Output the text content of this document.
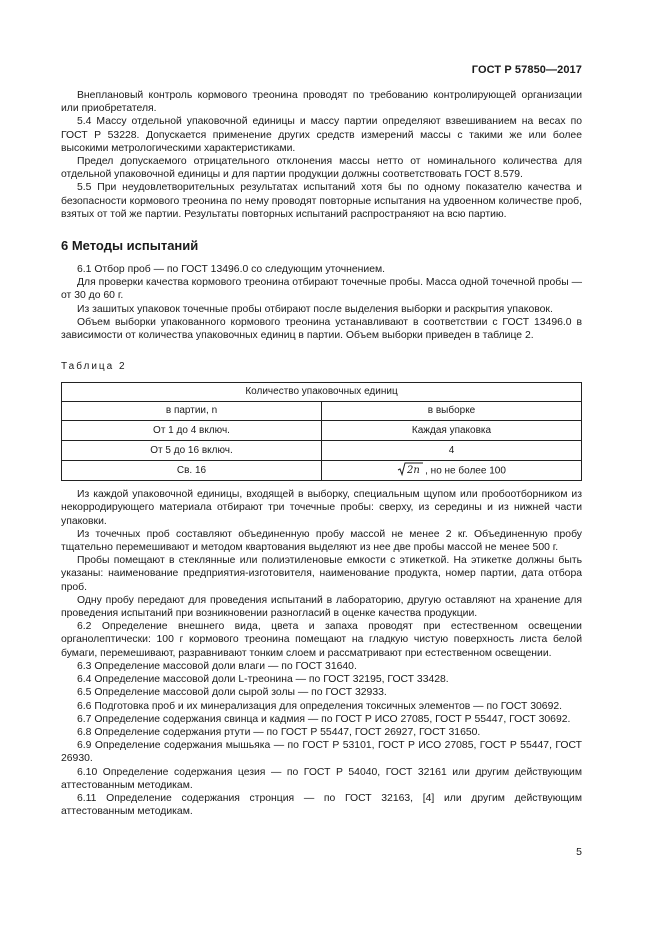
ГОСТ Р 57850—2017

Внеплановый контроль кормового треонина проводят по требованию контролирующей организации или приобретателя.

5.4 Массу отдельной упаковочной единицы и массу партии определяют взвешиванием на весах по ГОСТ Р 53228. Допускается применение других средств измерений массы с такими же или более высокими метрологическими характеристиками.

Предел допускаемого отрицательного отклонения массы нетто от номинального количества для отдельной упаковочной единицы и для партии продукции должны соответствовать ГОСТ 8.579.

5.5 При неудовлетворительных результатах испытаний хотя бы по одному показателю качества и безопасности кормового треонина по нему проводят повторные испытания на удвоенном количестве проб, взятых от той же партии. Результаты повторных испытаний распространяют на всю партию.

6 Методы испытаний

6.1 Отбор проб — по ГОСТ 13496.0 со следующим уточнением.

Для проверки качества кормового треонина отбирают точечные пробы. Масса одной точечной пробы — от 30 до 60 г.

Из зашитых упаковок точечные пробы отбирают после выделения выборки и раскрытия упаковок.

Объем выборки упакованного кормового треонина устанавливают в соответствии с ГОСТ 13496.0 в зависимости от количества упаковочных единиц в партии. Объем выборки приведен в таблице 2.

Таблица 2
Количество упаковочных единиц	
в партии, n	в выборке
От 1 до 4 включ.	Каждая упаковка
От 5 до 16 включ.	4
Св. 16	2n , но не более 100

Из каждой упаковочной единицы, входящей в выборку, специальным щупом или пробоотборником из некорродирующего материала отбирают три точечные пробы: сверху, из середины и из нижней части упаковки.

Из точечных проб составляют объединенную пробу массой не менее 2 кг. Объединенную пробу тщательно перемешивают и методом квартования выделяют из нее две пробы массой не менее 500 г.

Пробы помещают в стеклянные или полиэтиленовые емкости с этикеткой. На этикетке должны быть указаны: наименование предприятия-изготовителя, наименование продукта, номер партии, дата отбора проб.

Одну пробу передают для проведения испытаний в лабораторию, другую оставляют на хранение для проведения испытаний при возникновении разногласий в оценке качества продукции.

6.2 Определение внешнего вида, цвета и запаха проводят при естественном освещении органолептически: 100 г кормового треонина помещают на гладкую чистую поверхность листа белой бумаги, перемешивают, разравнивают тонким слоем и рассматривают при естественном освещении.

6.3 Определение массовой доли влаги — по ГОСТ 31640.

6.4 Определение массовой доли L-треонина — по ГОСТ 32195, ГОСТ 33428.

6.5 Определение массовой доли сырой золы — по ГОСТ 32933.

6.6 Подготовка проб и их минерализация для определения токсичных элементов — по ГОСТ 30692.

6.7 Определение содержания свинца и кадмия — по ГОСТ Р ИСО 27085, ГОСТ Р 55447, ГОСТ 30692.

6.8 Определение содержания ртути — по ГОСТ Р 55447, ГОСТ 26927, ГОСТ 31650.

6.9 Определение содержания мышьяка — по ГОСТ Р 53101, ГОСТ Р ИСО 27085, ГОСТ Р 55447, ГОСТ 26930.

6.10 Определение содержания цезия — по ГОСТ Р 54040, ГОСТ 32161 или другим действующим аттестованным методикам.

6.11 Определение содержания стронция — по ГОСТ 32163, [4] или другим действующим аттестованным методикам.

5
